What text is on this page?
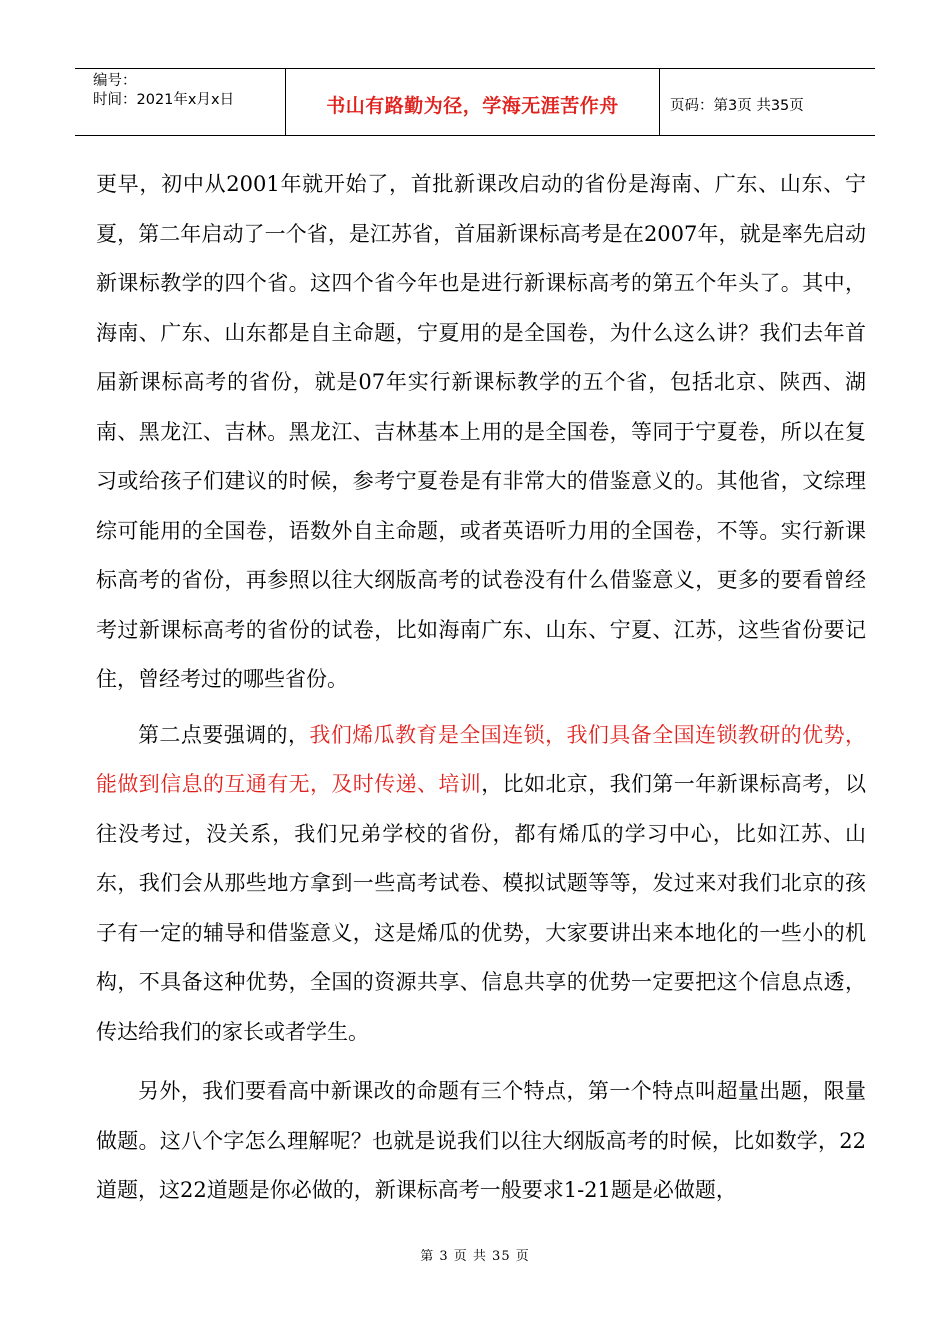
编号：
时间：2021年x月x日	书山有路勤为径，学海无涯苦作舟	页码：第3页 共35页

更早，初中从2001年就开始了，首批新课改启动的省份是海南、广东、山东、宁夏，第二年启动了一个省，是江苏省，首届新课标高考是在2007年，就是率先启动新课标教学的四个省。这四个省今年也是进行新课标高考的第五个年头了。其中，海南、广东、山东都是自主命题，宁夏用的是全国卷，为什么这么讲？我们去年首届新课标高考的省份，就是07年实行新课标教学的五个省，包括北京、陕西、湖南、黑龙江、吉林。黑龙江、吉林基本上用的是全国卷，等同于宁夏卷，所以在复习或给孩子们建议的时候，参考宁夏卷是有非常大的借鉴意义的。其他省，文综理综可能用的全国卷，语数外自主命题，或者英语听力用的全国卷，不等。实行新课标高考的省份，再参照以往大纲版高考的试卷没有什么借鉴意义，更多的要看曾经考过新课标高考的省份的试卷，比如海南广东、山东、宁夏、江苏，这些省份要记住，曾经考过的哪些省份。

第二点要强调的，我们烯瓜教育是全国连锁，我们具备全国连锁教研的优势，能做到信息的互通有无，及时传递、培训，比如北京，我们第一年新课标高考，以往没考过，没关系，我们兄弟学校的省份，都有烯瓜的学习中心，比如江苏、山东，我们会从那些地方拿到一些高考试卷、模拟试题等等，发过来对我们北京的孩子有一定的辅导和借鉴意义，这是烯瓜的优势，大家要讲出来本地化的一些小的机构，不具备这种优势，全国的资源共享、信息共享的优势一定要把这个信息点透，传达给我们的家长或者学生。

另外，我们要看高中新课改的命题有三个特点，第一个特点叫超量出题，限量做题。这八个字怎么理解呢？也就是说我们以往大纲版高考的时候，比如数学，22道题，这22道题是你必做的，新课标高考一般要求1-21题是必做题，

第 3 页 共 35 页
